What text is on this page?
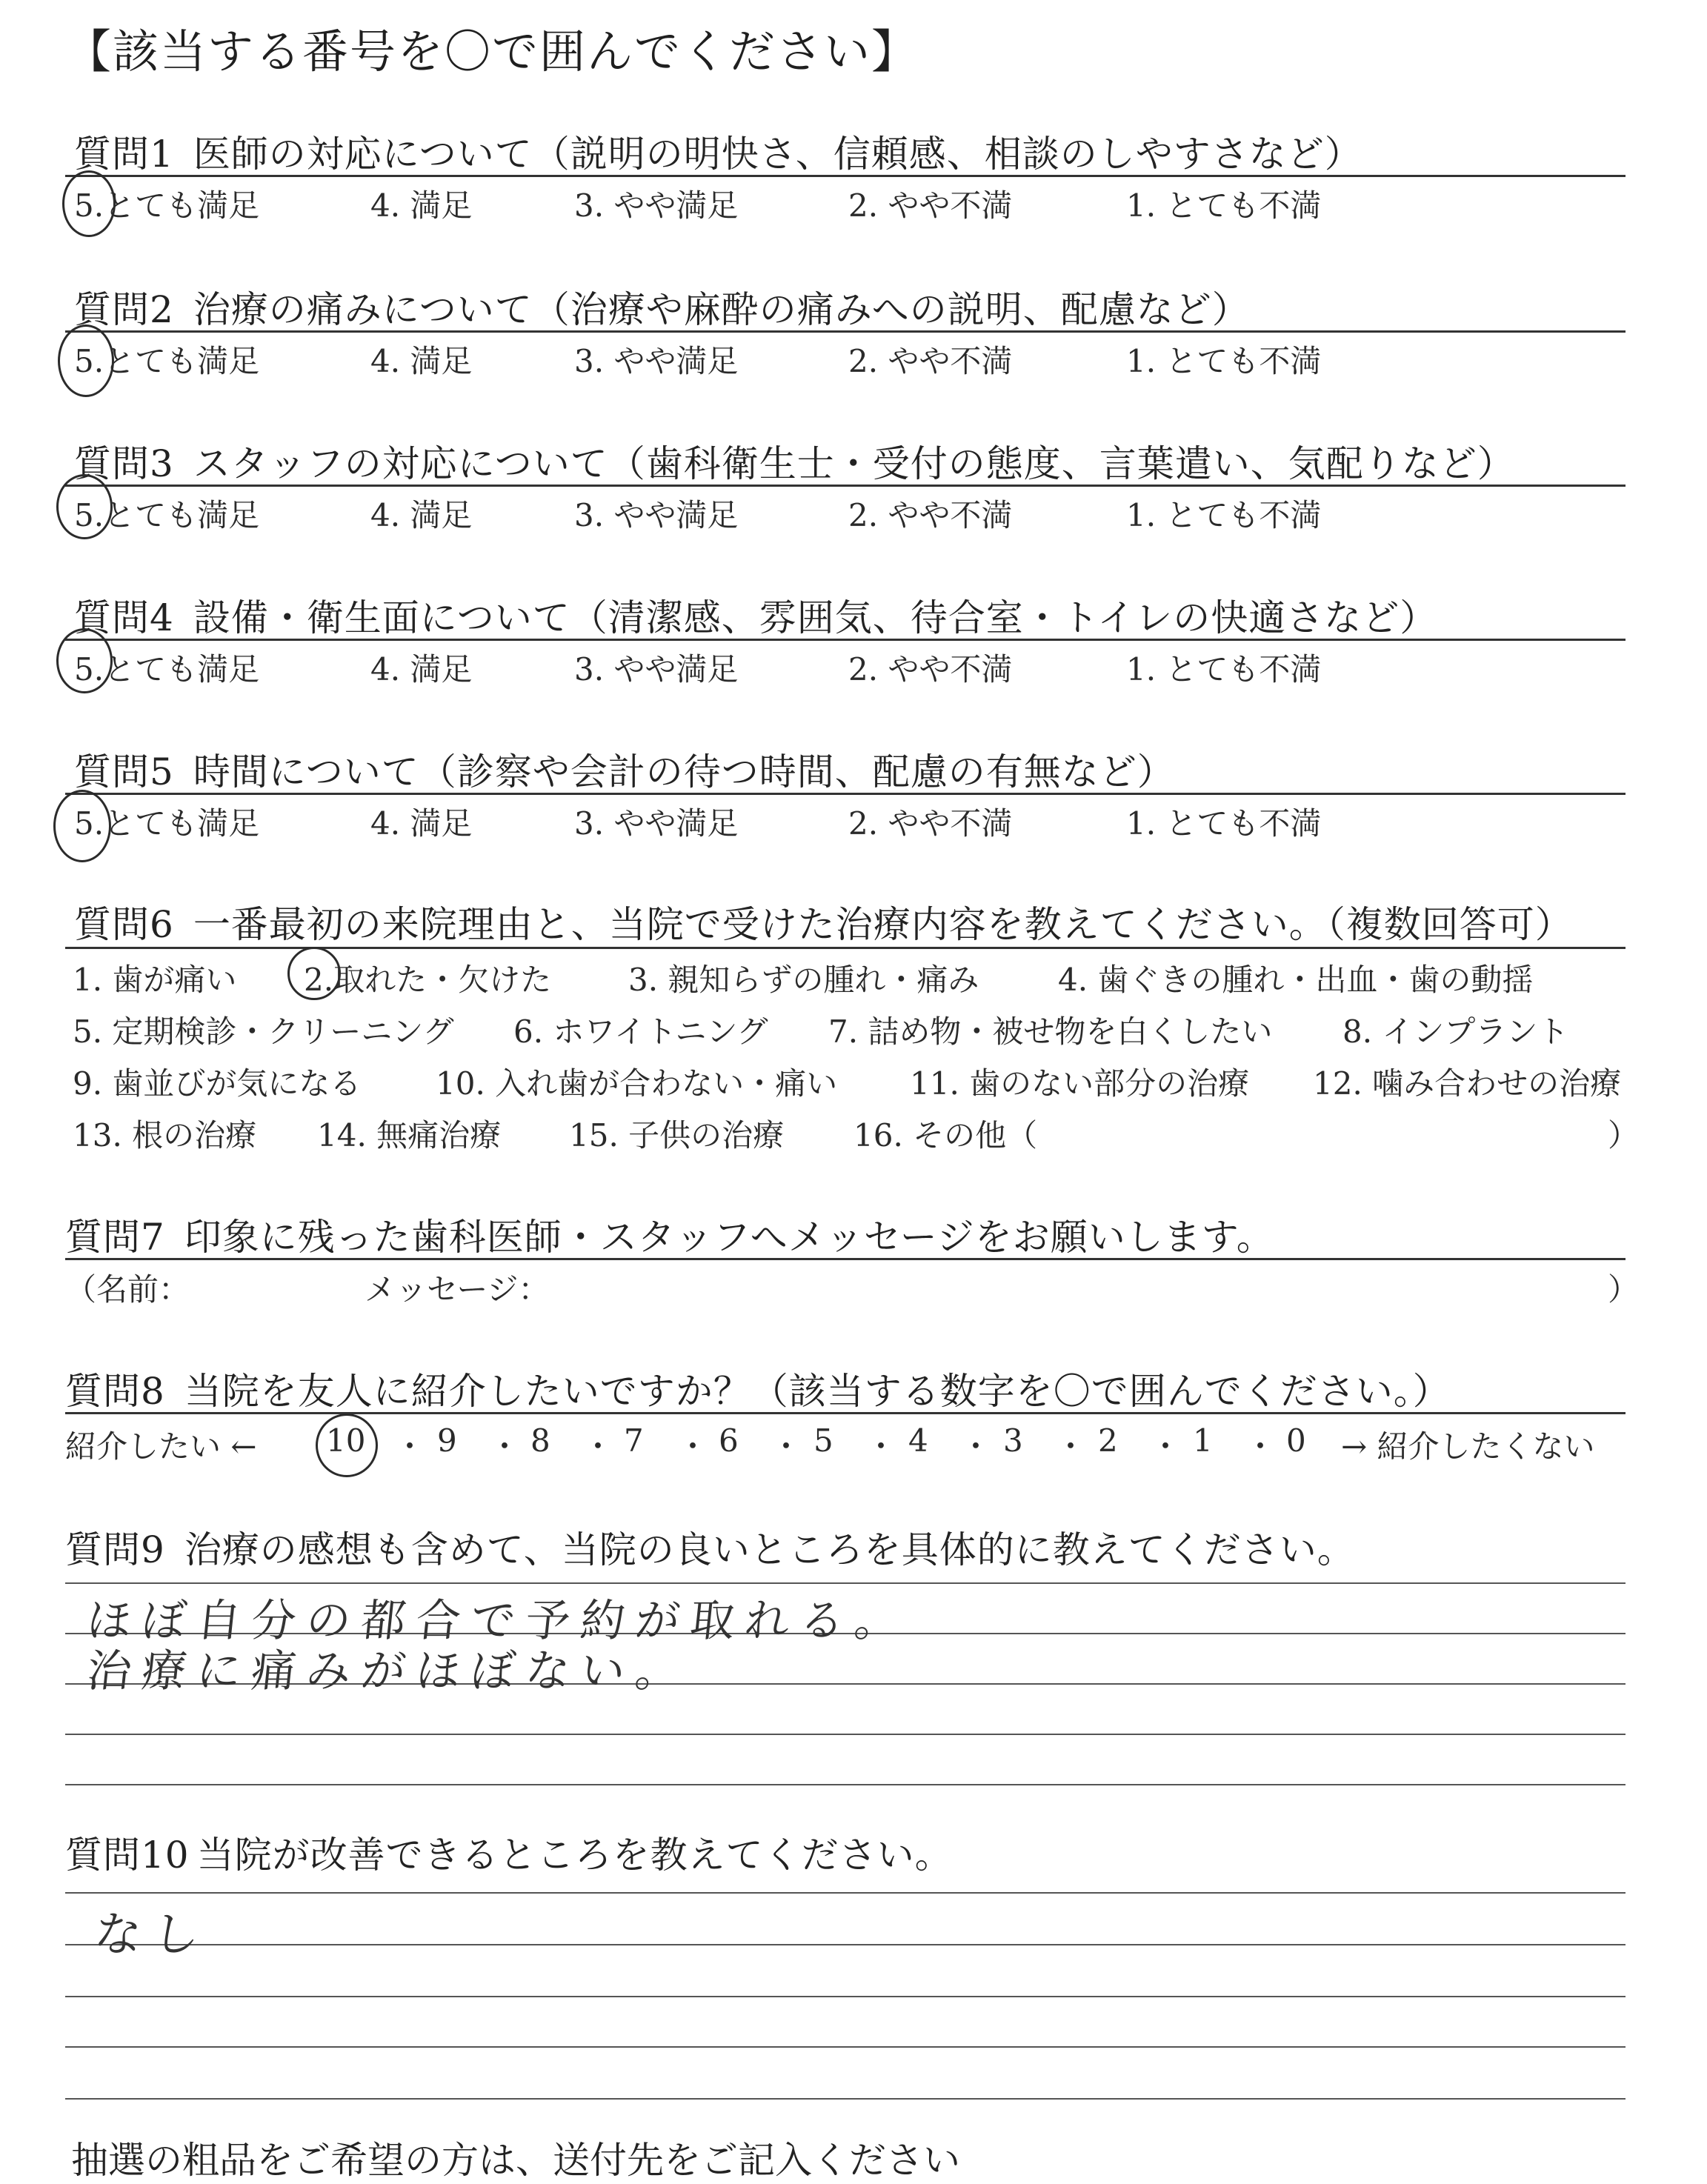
【該当する番号を〇で囲んでください】
質問1 医師の対応について（説明の明快さ、信頼感、相談のしやすさなど）
5.とても満足	4. 満足	3. やや満足	2. やや不満	1. とても不満
質問2 治療の痛みについて（治療や麻酔の痛みへの説明、配慮など）
5.とても満足	4. 満足	3. やや満足	2. やや不満	1. とても不満
質問3 スタッフの対応について（歯科衛生士・受付の態度、言葉遣い、気配りなど）
5.とても満足	4. 満足	3. やや満足	2. やや不満	1. とても不満
質問4 設備・衛生面について（清潔感、雰囲気、待合室・トイレの快適さなど）
5.とても満足	4. 満足	3. やや満足	2. やや不満	1. とても不満
質問5 時間について（診察や会計の待つ時間、配慮の有無など）
5.とても満足	4. 満足	3. やや満足	2. やや不満	1. とても不満
質問6 一番最初の来院理由と、当院で受けた治療内容を教えてください。（複数回答可）
1. 歯が痛い 2.取れた・欠けた 3. 親知らずの腫れ・痛み	4. 歯ぐきの腫れ・出血・歯の動揺
5. 定期検診・クリーニング 6. ホワイトニング 7. 詰め物・被せ物を白くしたい 8. インプラント
9. 歯並びが気になる 10. 入れ歯が合わない・痛い 11. 歯のない部分の治療 12. 噛み合わせの治療
13. 根の治療 14. 無痛治療 15. 子供の治療 16. その他（	）
質問7 印象に残った歯科医師・スタッフへメッセージをお願いします。
（名前：	メッセージ：	）
質問8 当院を友人に紹介したいですか？（該当する数字を〇で囲んでください。）
紹介したい ← 10 ・ 9 ・ 8 ・ 7 ・ 6 ・ 5 ・ 4 ・ 3 ・ 2 ・ 1 ・ 0 → 紹介したくない
質問9 治療の感想も含めて、当院の良いところを具体的に教えてください。
ほぼ自分の都合で予約が取れる。
治療に痛みがほぼない。
質問10 当院が改善できるところを教えてください。
なし
抽選の粗品をご希望の方は、送付先をご記入ください
